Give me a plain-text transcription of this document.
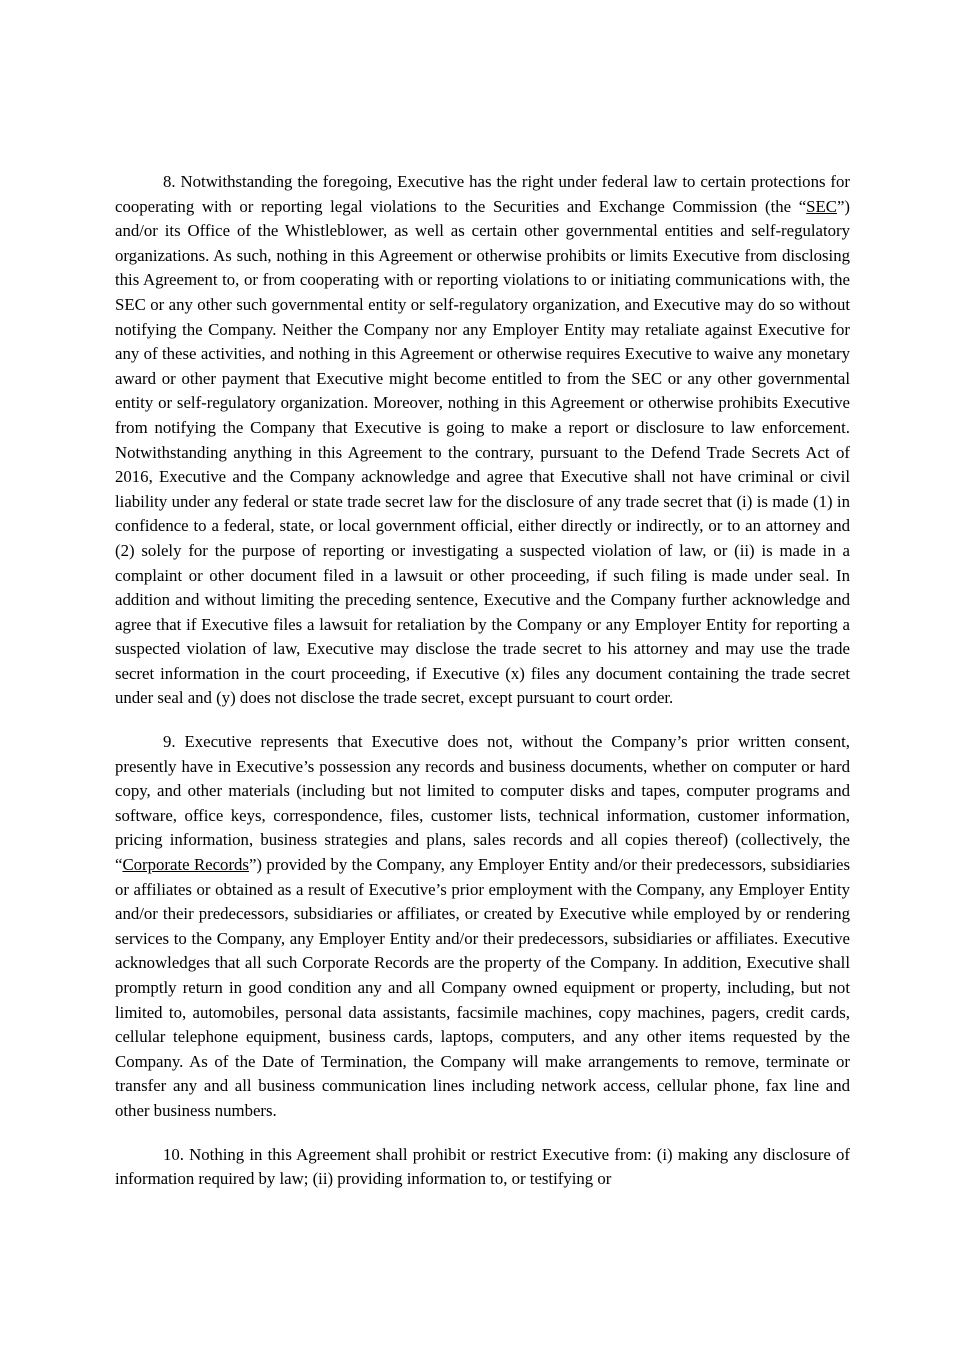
8. Notwithstanding the foregoing, Executive has the right under federal law to certain protections for cooperating with or reporting legal violations to the Securities and Exchange Commission (the “SEC”) and/or its Office of the Whistleblower, as well as certain other governmental entities and self-regulatory organizations. As such, nothing in this Agreement or otherwise prohibits or limits Executive from disclosing this Agreement to, or from cooperating with or reporting violations to or initiating communications with, the SEC or any other such governmental entity or self-regulatory organization, and Executive may do so without notifying the Company. Neither the Company nor any Employer Entity may retaliate against Executive for any of these activities, and nothing in this Agreement or otherwise requires Executive to waive any monetary award or other payment that Executive might become entitled to from the SEC or any other governmental entity or self-regulatory organization. Moreover, nothing in this Agreement or otherwise prohibits Executive from notifying the Company that Executive is going to make a report or disclosure to law enforcement. Notwithstanding anything in this Agreement to the contrary, pursuant to the Defend Trade Secrets Act of 2016, Executive and the Company acknowledge and agree that Executive shall not have criminal or civil liability under any federal or state trade secret law for the disclosure of any trade secret that (i) is made (1) in confidence to a federal, state, or local government official, either directly or indirectly, or to an attorney and (2) solely for the purpose of reporting or investigating a suspected violation of law, or (ii) is made in a complaint or other document filed in a lawsuit or other proceeding, if such filing is made under seal. In addition and without limiting the preceding sentence, Executive and the Company further acknowledge and agree that if Executive files a lawsuit for retaliation by the Company or any Employer Entity for reporting a suspected violation of law, Executive may disclose the trade secret to his attorney and may use the trade secret information in the court proceeding, if Executive (x) files any document containing the trade secret under seal and (y) does not disclose the trade secret, except pursuant to court order.

9. Executive represents that Executive does not, without the Company’s prior written consent, presently have in Executive’s possession any records and business documents, whether on computer or hard copy, and other materials (including but not limited to computer disks and tapes, computer programs and software, office keys, correspondence, files, customer lists, technical information, customer information, pricing information, business strategies and plans, sales records and all copies thereof) (collectively, the “Corporate Records”) provided by the Company, any Employer Entity and/or their predecessors, subsidiaries or affiliates or obtained as a result of Executive’s prior employment with the Company, any Employer Entity and/or their predecessors, subsidiaries or affiliates, or created by Executive while employed by or rendering services to the Company, any Employer Entity and/or their predecessors, subsidiaries or affiliates. Executive acknowledges that all such Corporate Records are the property of the Company. In addition, Executive shall promptly return in good condition any and all Company owned equipment or property, including, but not limited to, automobiles, personal data assistants, facsimile machines, copy machines, pagers, credit cards, cellular telephone equipment, business cards, laptops, computers, and any other items requested by the Company. As of the Date of Termination, the Company will make arrangements to remove, terminate or transfer any and all business communication lines including network access, cellular phone, fax line and other business numbers.

10. Nothing in this Agreement shall prohibit or restrict Executive from: (i) making any disclosure of information required by law; (ii) providing information to, or testifying or
